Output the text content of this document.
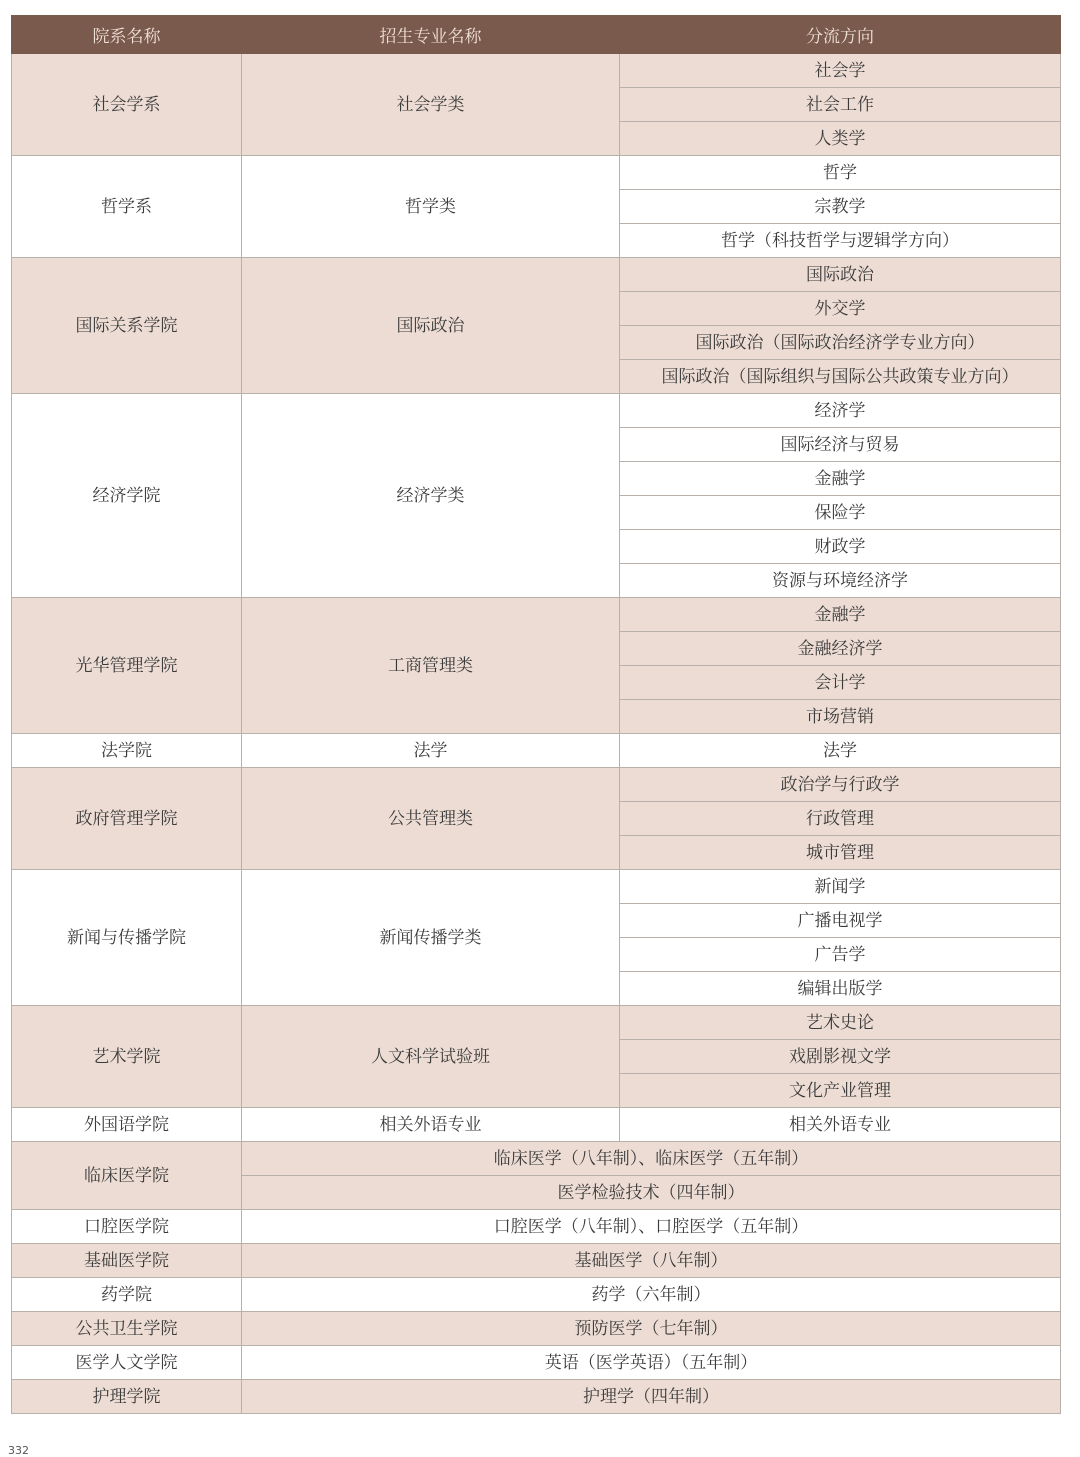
院系名称	招生专业名称	分流方向
社会学系	社会学类	社会学
		社会工作
		人类学
哲学系	哲学类	哲学
		宗教学
		哲学（科技哲学与逻辑学方向）
国际关系学院	国际政治	国际政治
		外交学
		国际政治（国际政治经济学专业方向）
		国际政治（国际组织与国际公共政策专业方向）
经济学院	经济学类	经济学
		国际经济与贸易
		金融学
		保险学
		财政学
		资源与环境经济学
光华管理学院	工商管理类	金融学
		金融经济学
		会计学
		市场营销
法学院	法学	法学
政府管理学院	公共管理类	政治学与行政学
		行政管理
		城市管理
新闻与传播学院	新闻传播学类	新闻学
		广播电视学
		广告学
		编辑出版学
艺术学院	人文科学试验班	艺术史论
		戏剧影视文学
		文化产业管理
外国语学院	相关外语专业	相关外语专业
临床医学院	临床医学（八年制）、临床医学（五年制）	
	医学检验技术（四年制）	
口腔医学院	口腔医学（八年制）、口腔医学（五年制）	
基础医学院	基础医学（八年制）	
药学院	药学（六年制）	
公共卫生学院	预防医学（七年制）	
医学人文学院	英语（医学英语）（五年制）	
护理学院	护理学（四年制）	
332
